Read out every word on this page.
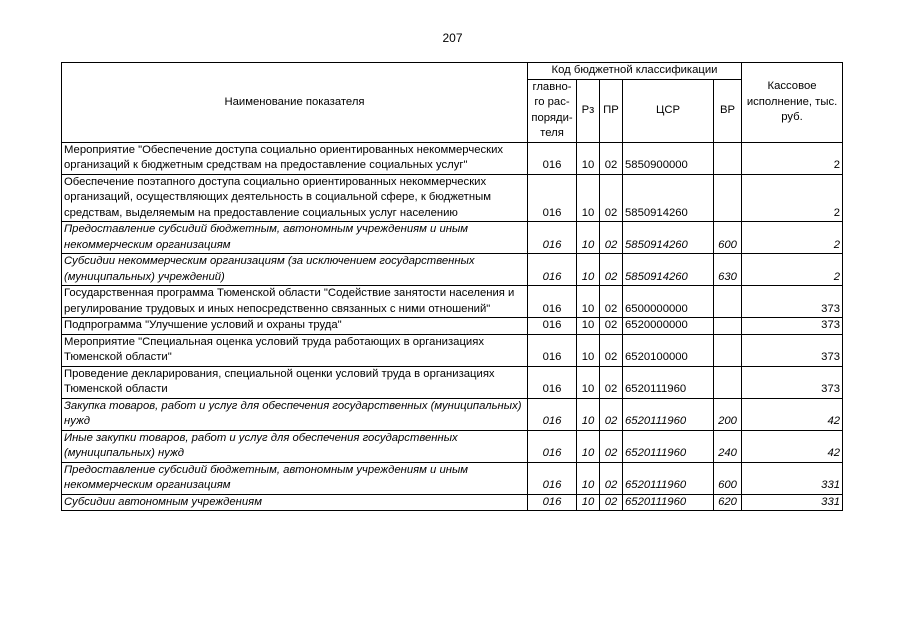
207
Наименование показателя	Код бюджетной классификации					Кассовое исполнение, тыс. руб.
	главно-го рас-поряди-теля	Рз	ПР	ЦСР	ВР	
Мероприятие "Обеспечение доступа социально ориентированных некоммерческих организаций к бюджетным средствам на предоставление социальных услуг"	016	10	02	5850900000		2
Обеспечение поэтапного доступа социально ориентированных некоммерческих организаций, осуществляющих деятельность в социальной сфере, к бюджетным средствам, выделяемым на предоставление социальных услуг населению	016	10	02	5850914260		2
Предоставление субсидий бюджетным, автономным учреждениям и иным некоммерческим организациям	016	10	02	5850914260	600	2
Субсидии некоммерческим организациям (за исключением государственных (муниципальных) учреждений)	016	10	02	5850914260	630	2
Государственная программа Тюменской области "Содействие занятости населения и регулирование трудовых и иных непосредственно связанных с ними отношений"	016	10	02	6500000000		373
Подпрограмма "Улучшение условий и охраны труда"	016	10	02	6520000000		373
Мероприятие "Специальная оценка условий труда работающих в организациях Тюменской области"	016	10	02	6520100000		373
Проведение декларирования, специальной оценки условий труда в организациях Тюменской области	016	10	02	6520111960		373
Закупка товаров, работ и услуг для обеспечения государственных (муниципальных) нужд	016	10	02	6520111960	200	42
Иные закупки товаров, работ и услуг для обеспечения государственных (муниципальных) нужд	016	10	02	6520111960	240	42
Предоставление субсидий бюджетным, автономным учреждениям и иным некоммерческим организациям	016	10	02	6520111960	600	331
Субсидии автономным учреждениям	016	10	02	6520111960	620	331
